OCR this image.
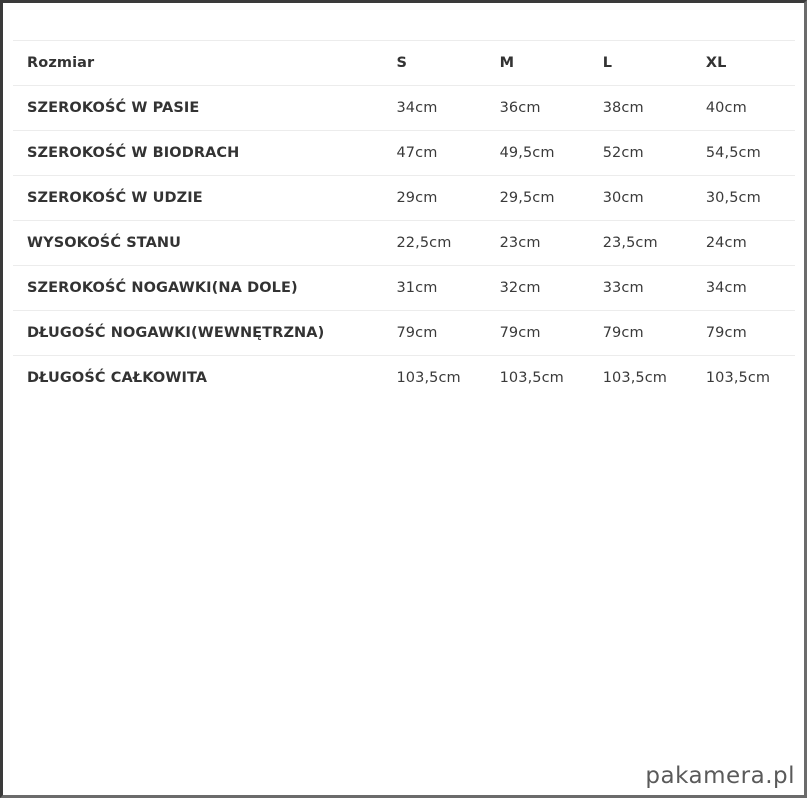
Rozmiar	S	M	L	XL
SZEROKOŚĆ W PASIE	34cm	36cm	38cm	40cm
SZEROKOŚĆ W BIODRACH	47cm	49,5cm	52cm	54,5cm
SZEROKOŚĆ W UDZIE	29cm	29,5cm	30cm	30,5cm
WYSOKOŚĆ STANU	22,5cm	23cm	23,5cm	24cm
SZEROKOŚĆ NOGAWKI(NA DOLE)	31cm	32cm	33cm	34cm
DŁUGOŚĆ NOGAWKI(WEWNĘTRZNA)	79cm	79cm	79cm	79cm
DŁUGOŚĆ CAŁKOWITA	103,5cm	103,5cm	103,5cm	103,5cm
pakamera.pl
